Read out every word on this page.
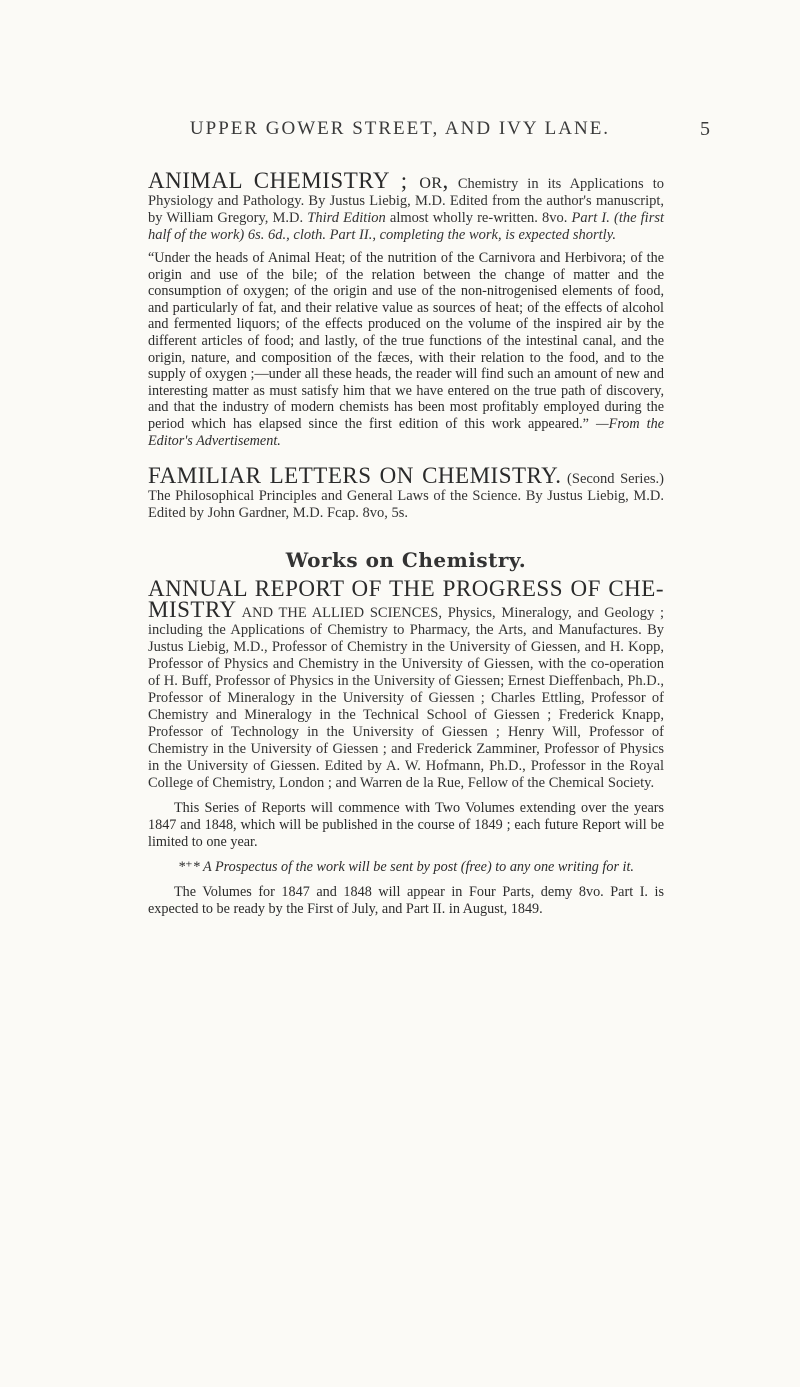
UPPER GOWER STREET, AND IVY LANE.	5

ANIMAL CHEMISTRY ; or, Chemistry in its Applications to Physiology and Pathology. By Justus Liebig, M.D. Edited from the author's manuscript, by William Gregory, M.D. Third Edition almost wholly re-written. 8vo. Part I. (the first half of the work) 6s. 6d., cloth. Part II., completing the work, is expected shortly.

“Under the heads of Animal Heat; of the nutrition of the Carnivora and Herbivora; of the origin and use of the bile; of the relation between the change of matter and the consumption of oxygen; of the origin and use of the non-nitrogenised elements of food, and particularly of fat, and their relative value as sources of heat; of the effects of alcohol and fermented liquors; of the effects produced on the volume of the inspired air by the different articles of food; and lastly, of the true functions of the intestinal canal, and the origin, nature, and composition of the fæces, with their relation to the food, and to the supply of oxygen ;—under all these heads, the reader will find such an amount of new and interesting matter as must satisfy him that we have entered on the true path of discovery, and that the industry of modern chemists has been most profitably employed during the period which has elapsed since the first edition of this work appeared.” —From the Editor's Advertisement.

FAMILIAR LETTERS ON CHEMISTRY. (Second Series.) The Philosophical Principles and General Laws of the Science. By Justus Liebig, M.D. Edited by John Gardner, M.D. Fcap. 8vo, 5s.

Works on Chemistry.

ANNUAL REPORT OF THE PROGRESS OF CHE-MISTRY AND THE ALLIED SCIENCES, Physics, Mineralogy, and Geology ; including the Applications of Chemistry to Pharmacy, the Arts, and Manufactures. By Justus Liebig, M.D., Professor of Chemistry in the University of Giessen, and H. Kopp, Professor of Physics and Chemistry in the University of Giessen, with the co-operation of H. Buff, Professor of Physics in the University of Giessen; Ernest Dieffenbach, Ph.D., Professor of Mineralogy in the University of Giessen ; Charles Ettling, Professor of Chemistry and Mineralogy in the Technical School of Giessen ; Frederick Knapp, Professor of Technology in the University of Giessen ; Henry Will, Professor of Chemistry in the University of Giessen ; and Frederick Zamminer, Professor of Physics in the University of Giessen. Edited by A. W. Hofmann, Ph.D., Professor in the Royal College of Chemistry, London ; and Warren de la Rue, Fellow of the Chemical Society.

This Series of Reports will commence with Two Volumes extending over the years 1847 and 1848, which will be published in the course of 1849 ; each future Report will be limited to one year.

*⁺* A Prospectus of the work will be sent by post (free) to any one writing for it.

The Volumes for 1847 and 1848 will appear in Four Parts, demy 8vo. Part I. is expected to be ready by the First of July, and Part II. in August, 1849.
